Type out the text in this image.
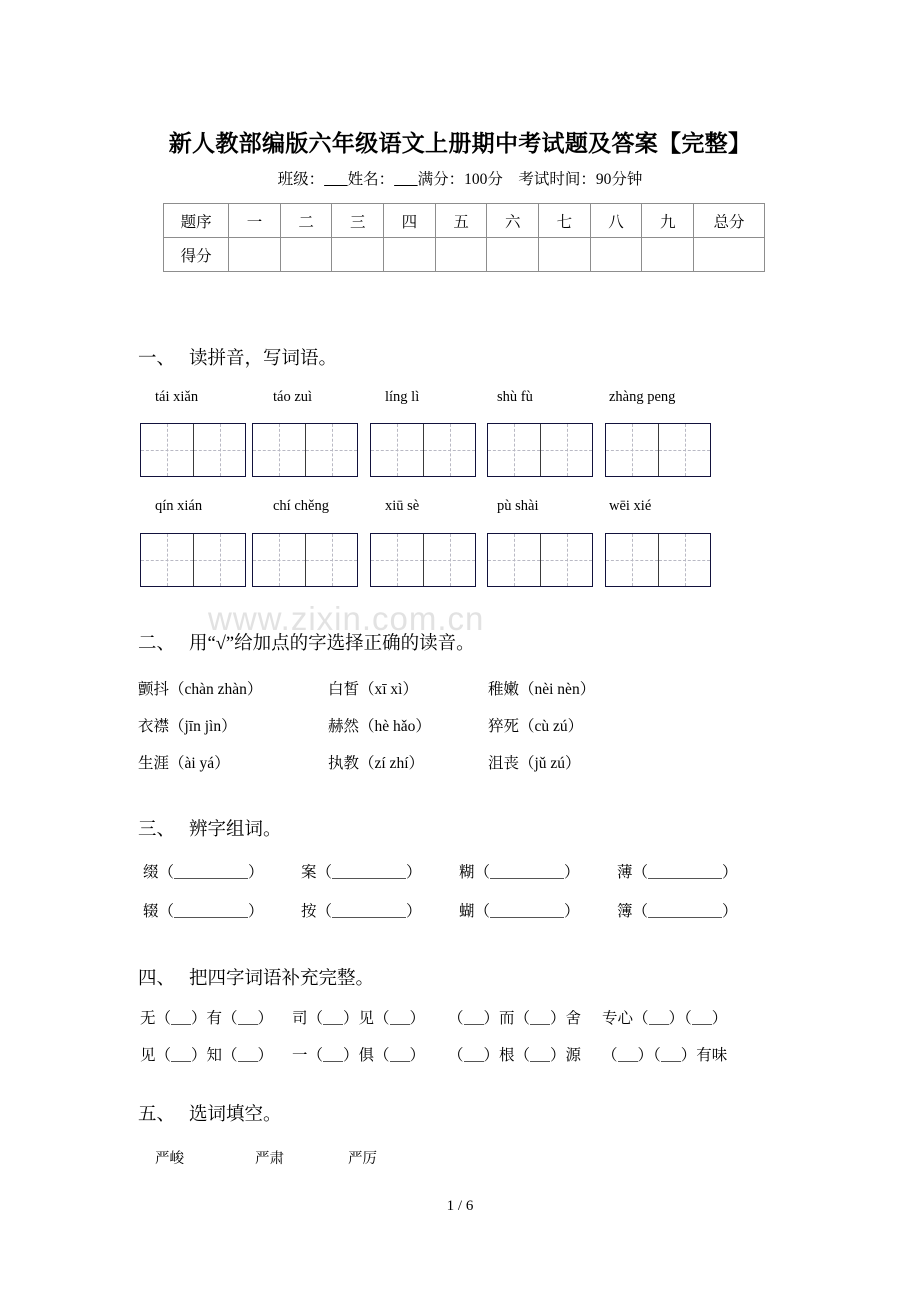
www.zixin.com.cn
新人教部编版六年级语文上册期中考试题及答案【完整】
班级： 姓名： 满分：100分 考试时间：90分钟
题序	一	二	三	四	五	六	七	八	九	总分
得分										
一、 读拼音，写词语。
tái xiǎn	táo zuì	líng lì	shù fù	zhàng peng
qín xián	chí chěng	xiū sè	pù shài	wēi xié
二、 用“√”给加点的字选择正确的读音。
颤抖（chàn zhàn）	白皙（xī xì）	稚嫩（nèi nèn）
衣襟（jīn jìn）	赫然（hè hǎo）	猝死（cù zú）
生涯（ài yá）	执教（zí zhí）	沮丧（jǔ zú）
三、 辨字组词。
缀（	） 案（	） 糊（	） 薄（	）
辍（	） 按（	） 蝴（	） 簿（	）
四、 把四字词语补充完整。
无（ ）有（ ） 司（ ）见（ ） （ ）而（ ）舍 专心（ ）（ ）
见（ ）知（ ） 一（ ）俱（ ） （ ）根（ ）源 （ ）（ ）有味
五、 选词填空。
严峻	严肃	严厉
1 / 6
